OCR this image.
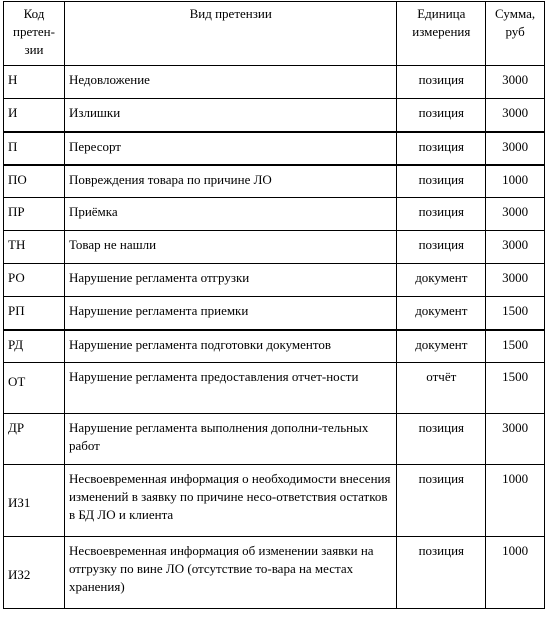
Код претен-зии	Вид претензии	Единица измерения	Сумма, руб
Н	Недовложение	позиция	3000
И	Излишки	позиция	3000
П	Пересорт	позиция	3000
ПО	Повреждения товара по причине ЛО	позиция	1000
ПР	Приёмка	позиция	3000
ТН	Товар не нашли	позиция	3000
РО	Нарушение регламента отгрузки	документ	3000
РП	Нарушение регламента приемки	документ	1500
РД	Нарушение регламента подготовки документов	документ	1500
ОТ	Нарушение регламента предоставления отчет-ности	отчёт	1500
ДР	Нарушение регламента выполнения дополни-тельных работ	позиция	3000
ИЗ1	Несвоевременная информация о необходимости внесения изменений в заявку по причине несо-ответствия остатков в БД ЛО и клиента	позиция	1000
ИЗ2	Несвоевременная информация об изменении заявки на отгрузку по вине ЛО (отсутствие то-вара на местах хранения)	позиция	1000
